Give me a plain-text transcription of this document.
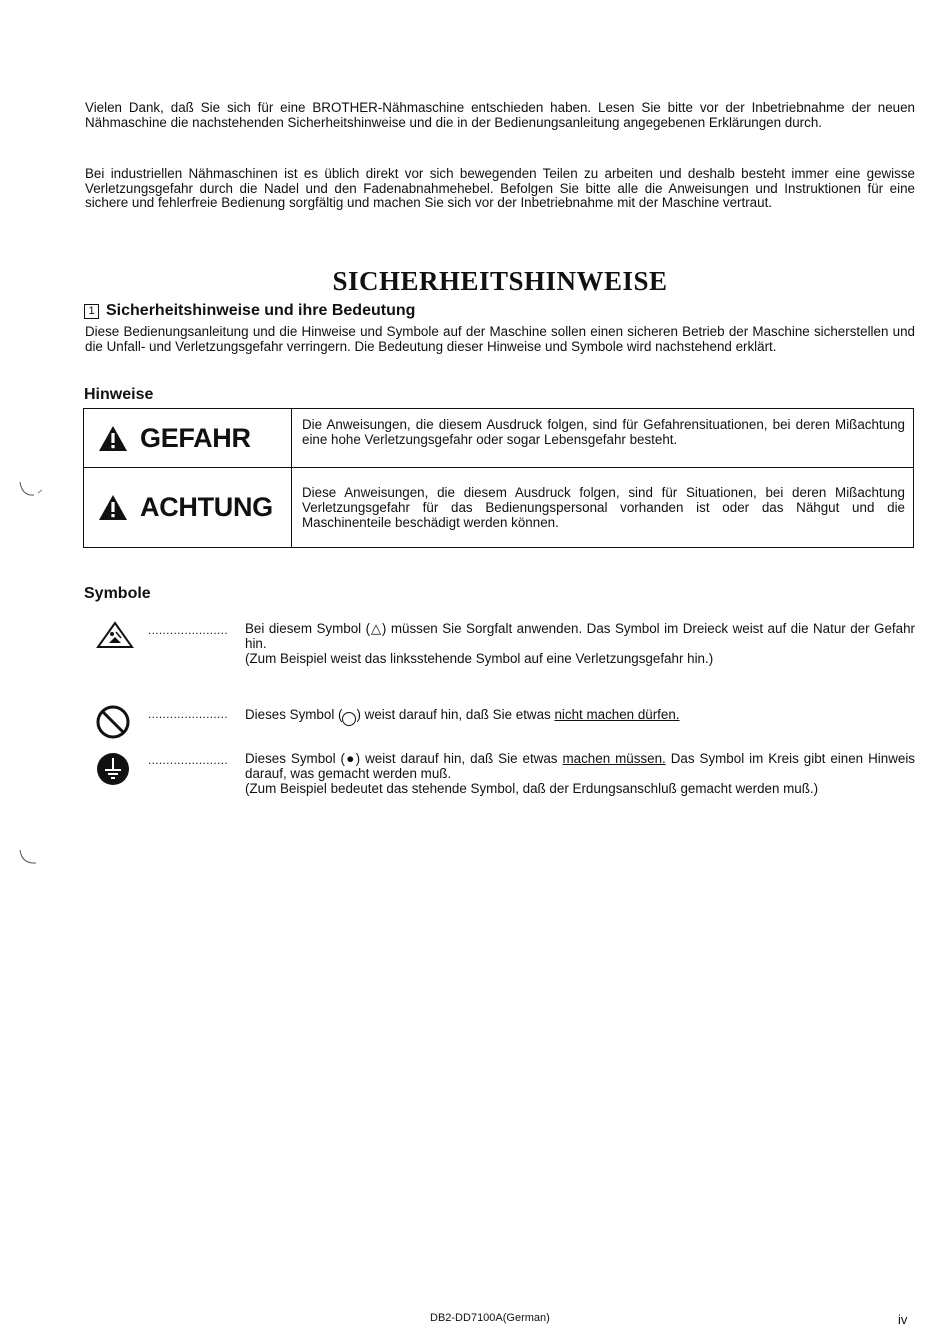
Vielen Dank, daß Sie sich für eine BROTHER-Nähmaschine entschieden haben. Lesen Sie bitte vor der Inbetriebnahme der neuen Nähmaschine die nachstehenden Sicherheitshinweise und die in der Bedienungsanleitung angegebenen Erklärungen durch.

Bei industriellen Nähmaschinen ist es üblich direkt vor sich bewegenden Teilen zu arbeiten und deshalb besteht immer eine gewisse Verletzungsgefahr durch die Nadel und den Fadenabnahmehebel. Befolgen Sie bitte alle die Anweisungen und Instruktionen für eine sichere und fehlerfreie Bedienung sorgfältig und machen Sie sich vor der Inbetriebnahme mit der Maschine vertraut.

SICHERHEITSHINWEISE
1 Sicherheitshinweise und ihre Bedeutung

Diese Bedienungsanleitung und die Hinweise und Symbole auf der Maschine sollen einen sicheren Betrieb der Maschine sicherstellen und die Unfall- und Verletzungsgefahr verringern. Die Bedeutung dieser Hinweise und Symbole wird nachstehend erklärt.

Hinweise
GEFAHR	Die Anweisungen, die diesem Ausdruck folgen, sind für Gefahrensituationen, bei deren Mißachtung eine hohe Verletzungsgefahr oder sogar Lebensgefahr besteht.
ACHTUNG Diese Anweisungen, die diesem Ausdruck folgen, sind für Situationen, bei deren Mißachtung Verletzungsgefahr für das Bedienungspersonal vorhanden ist oder das Nähgut und die Maschinenteile beschädigt werden können.
Symbole
...................... Bei diesem Symbol (△) müssen Sie Sorgfalt anwenden. Das Symbol im Dreieck weist auf die Natur der Gefahr hin.
(Zum Beispiel weist das linksstehende Symbol auf eine Verletzungsgefahr hin.)
...................... Dieses Symbol ( ) weist darauf hin, daß Sie etwas nicht machen dürfen.
...................... Dieses Symbol (●) weist darauf hin, daß Sie etwas machen müssen. Das Symbol im Kreis gibt einen Hinweis darauf, was gemacht werden muß.
(Zum Beispiel bedeutet das stehende Symbol, daß der Erdungsanschluß gemacht werden muß.)
DB2-DD7100A(German)	iv
